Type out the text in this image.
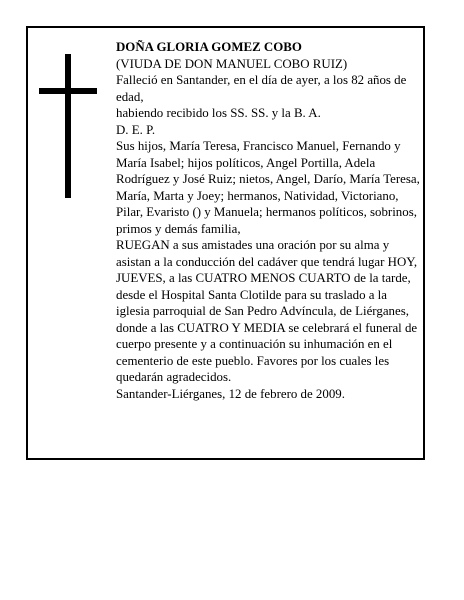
DOÑA GLORIA GOMEZ COBO

(VIUDA DE DON MANUEL COBO RUIZ)

Falleció en Santander, en el día de ayer, a los 82 años de edad,

habiendo recibido los SS. SS. y la B. A.

D. E. P.

Sus hijos, María Teresa, Francisco Manuel, Fernando y María Isabel; hijos políticos, Angel Portilla, Adela Rodríguez y José Ruiz; nietos, Angel, Darío, María Teresa, María, Marta y Joey; hermanos, Natividad, Victoriano, Pilar, Evaristo () y Manuela; hermanos políticos, sobrinos, primos y demás familia,

RUEGAN a sus amistades una oración por su alma y asistan a la conducción del cadáver que tendrá lugar HOY, JUEVES, a las CUATRO MENOS CUARTO de la tarde, desde el Hospital Santa Clotilde para su traslado a la iglesia parroquial de San Pedro Advíncula, de Liérganes, donde a las CUATRO Y MEDIA se celebrará el funeral de cuerpo presente y a continuación su inhumación en el cementerio de este pueblo. Favores por los cuales les quedarán agradecidos.

Santander-Liérganes, 12 de febrero de 2009.
